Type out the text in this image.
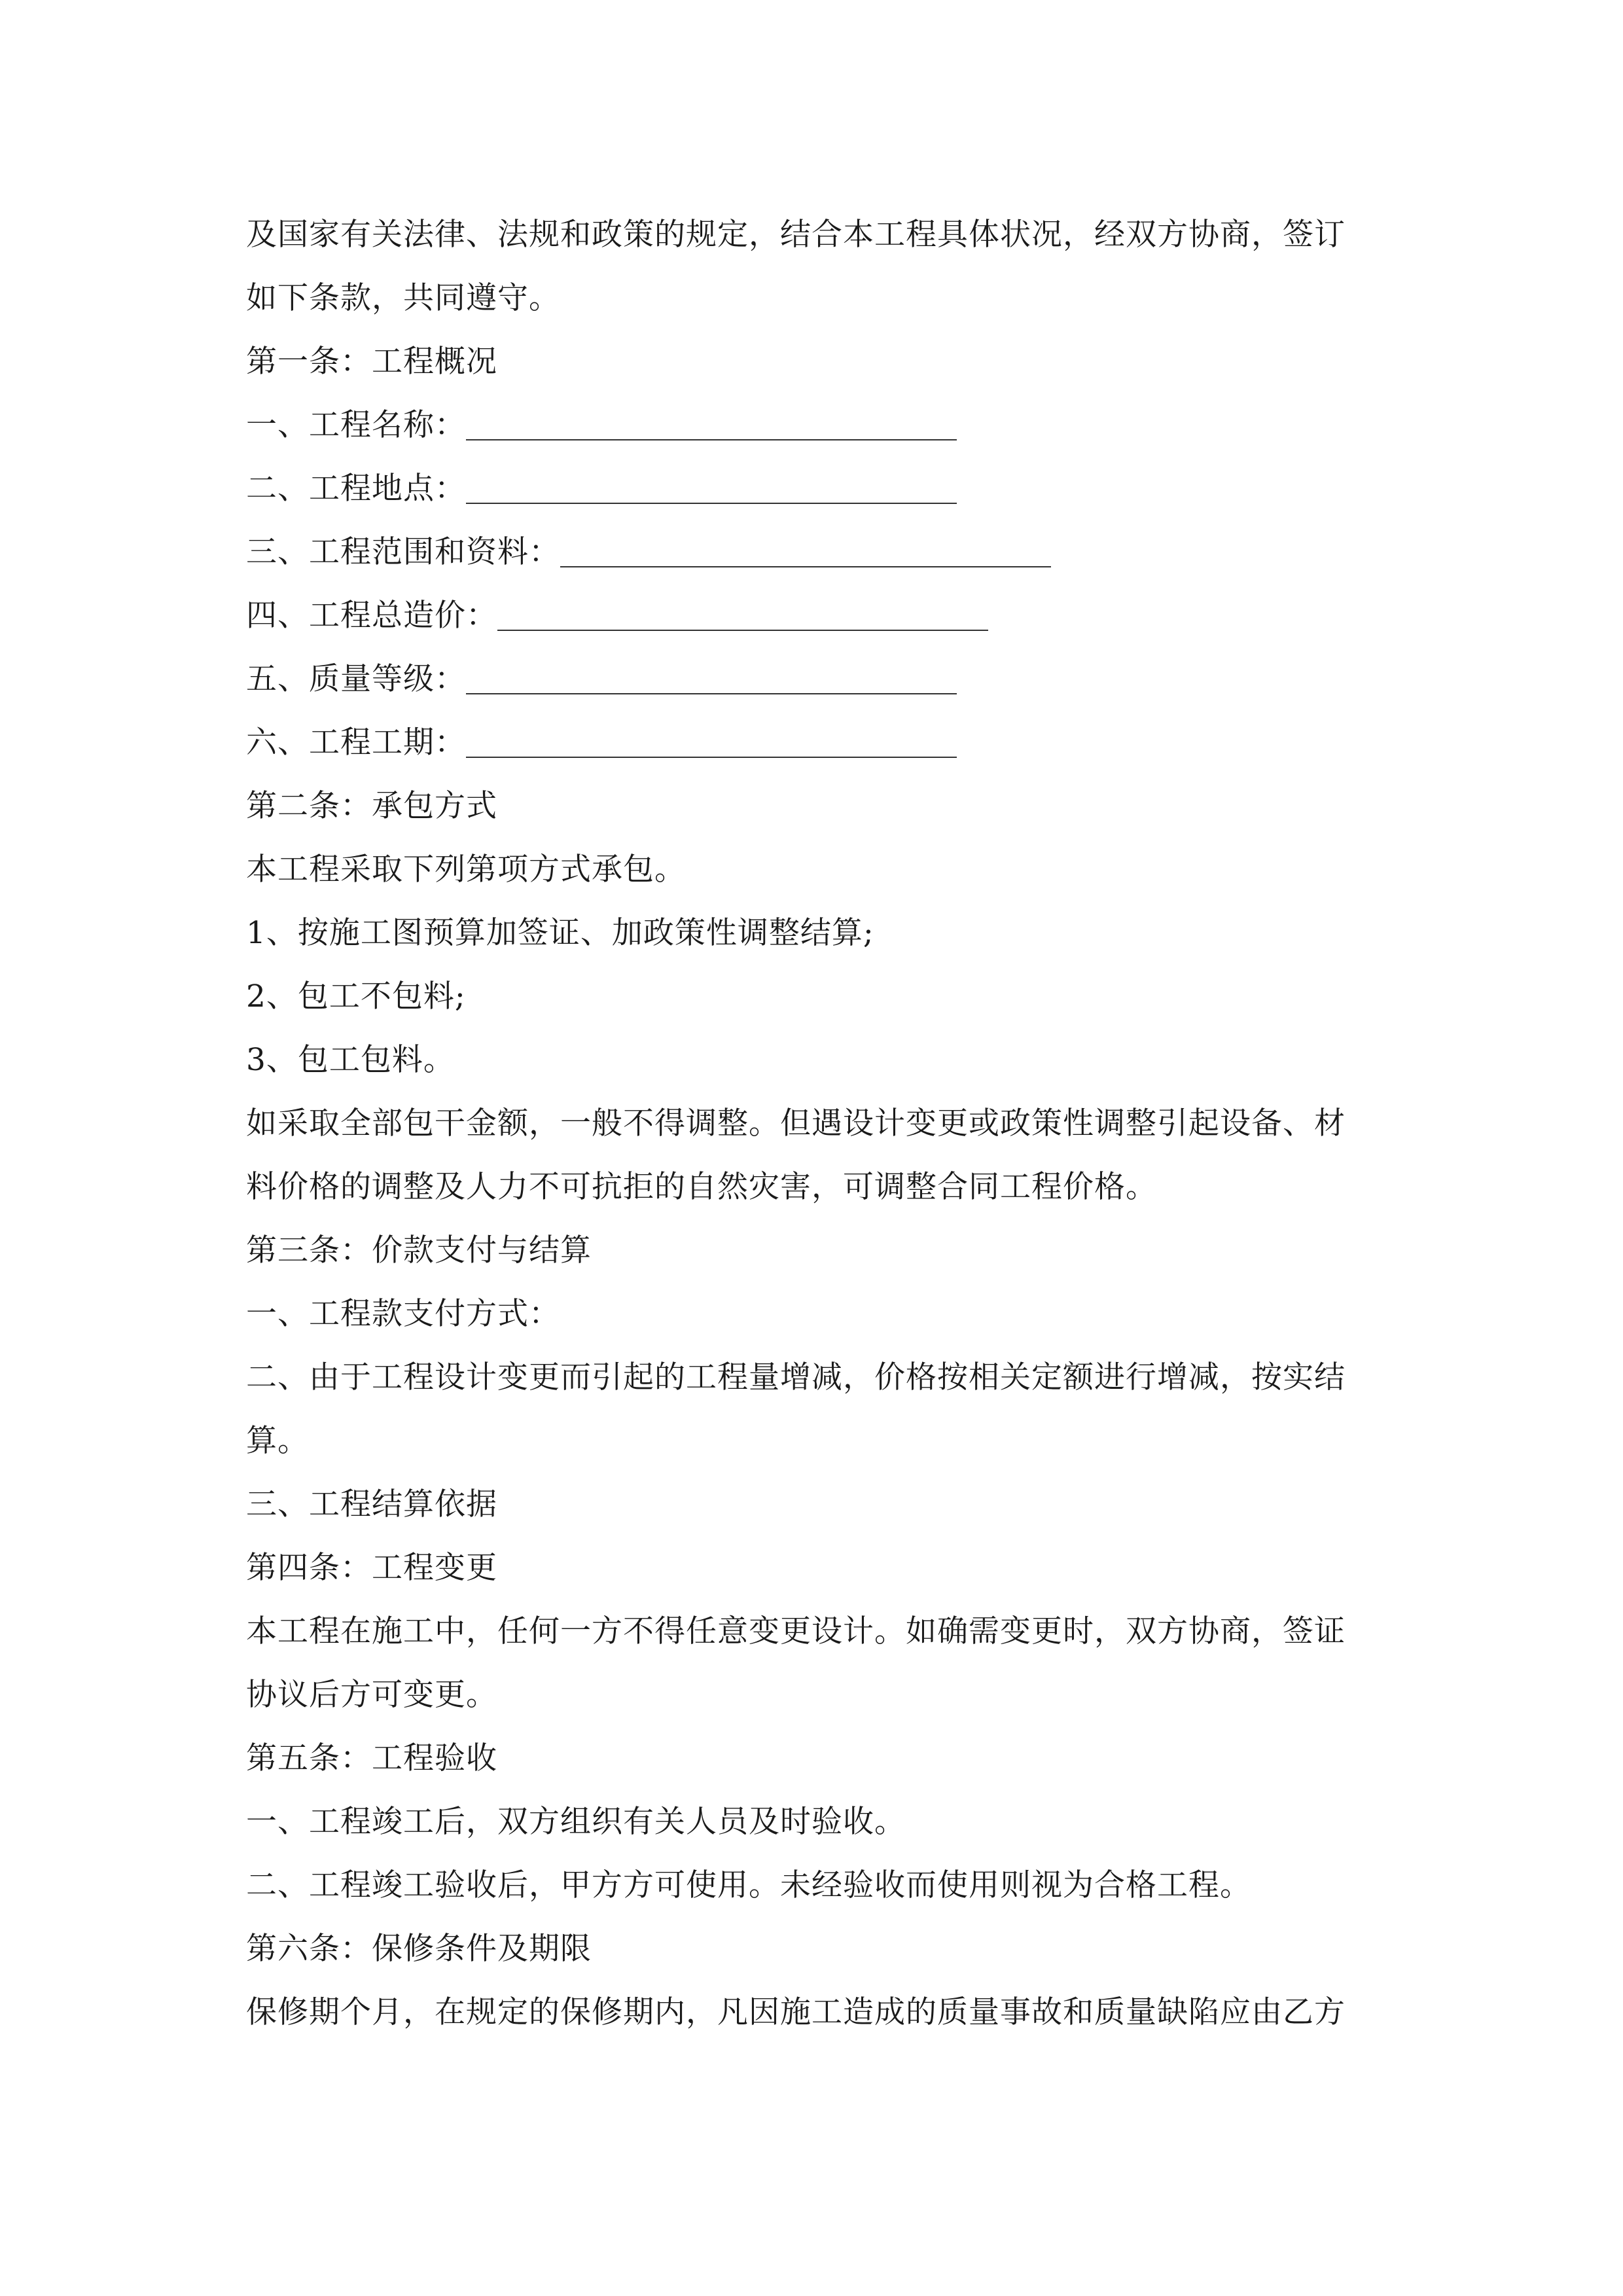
及国家有关法律、法规和政策的规定，结合本工程具体状况，经双方协商，签订
如下条款，共同遵守。
第一条：工程概况
一、工程名称：
二、工程地点：
三、工程范围和资料：
四、工程总造价：
五、质量等级：
六、工程工期：
第二条：承包方式
本工程采取下列第项方式承包。
1、按施工图预算加签证、加政策性调整结算;
2、包工不包料;
3、包工包料。
如采取全部包干金额，一般不得调整。但遇设计变更或政策性调整引起设备、材
料价格的调整及人力不可抗拒的自然灾害，可调整合同工程价格。
第三条：价款支付与结算
一、工程款支付方式：
二、由于工程设计变更而引起的工程量增减，价格按相关定额进行增减，按实结
算。
三、工程结算依据
第四条：工程变更
本工程在施工中，任何一方不得任意变更设计。如确需变更时，双方协商，签证
协议后方可变更。
第五条：工程验收
一、工程竣工后，双方组织有关人员及时验收。
二、工程竣工验收后，甲方方可使用。未经验收而使用则视为合格工程。
第六条：保修条件及期限
保修期个月，在规定的保修期内，凡因施工造成的质量事故和质量缺陷应由乙方
